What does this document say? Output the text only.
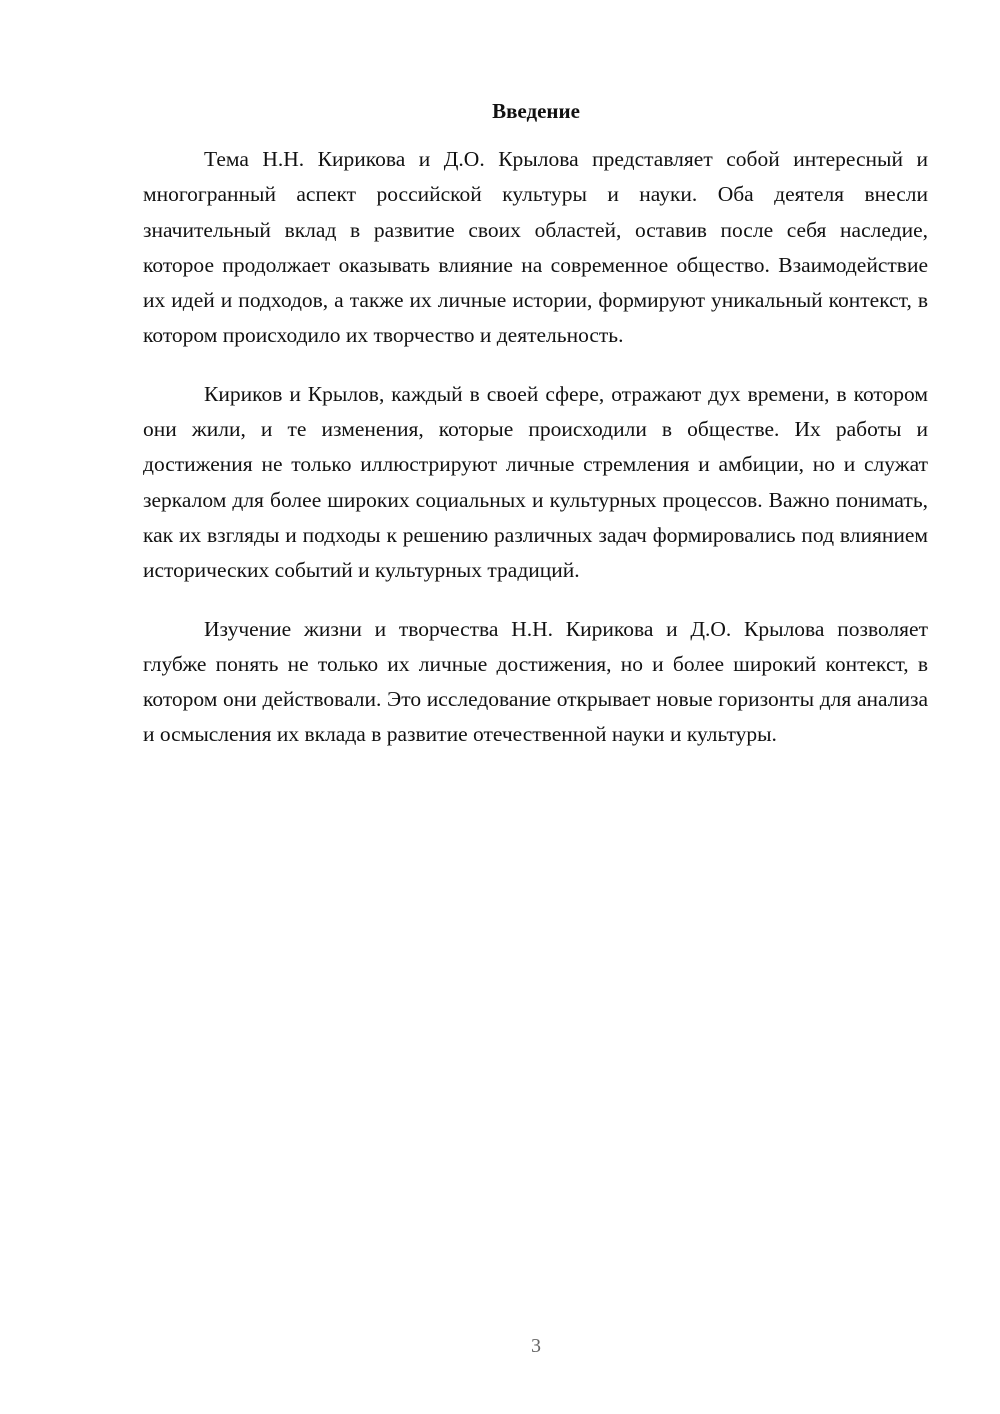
Введение

Тема Н.Н. Кирикова и Д.О. Крылова представляет собой интересный и многогранный аспект российской культуры и науки. Оба деятеля внесли значительный вклад в развитие своих областей, оставив после себя наследие, которое продолжает оказывать влияние на современное общество. Взаимодействие их идей и подходов, а также их личные истории, формируют уникальный контекст, в котором происходило их творчество и деятельность.

Кириков и Крылов, каждый в своей сфере, отражают дух времени, в котором они жили, и те изменения, которые происходили в обществе. Их работы и достижения не только иллюстрируют личные стремления и амбиции, но и служат зеркалом для более широких социальных и культурных процессов. Важно понимать, как их взгляды и подходы к решению различных задач формировались под влиянием исторических событий и культурных традиций.

Изучение жизни и творчества Н.Н. Кирикова и Д.О. Крылова позволяет глубже понять не только их личные достижения, но и более широкий контекст, в котором они действовали. Это исследование открывает новые горизонты для анализа и осмысления их вклада в развитие отечественной науки и культуры.

3
